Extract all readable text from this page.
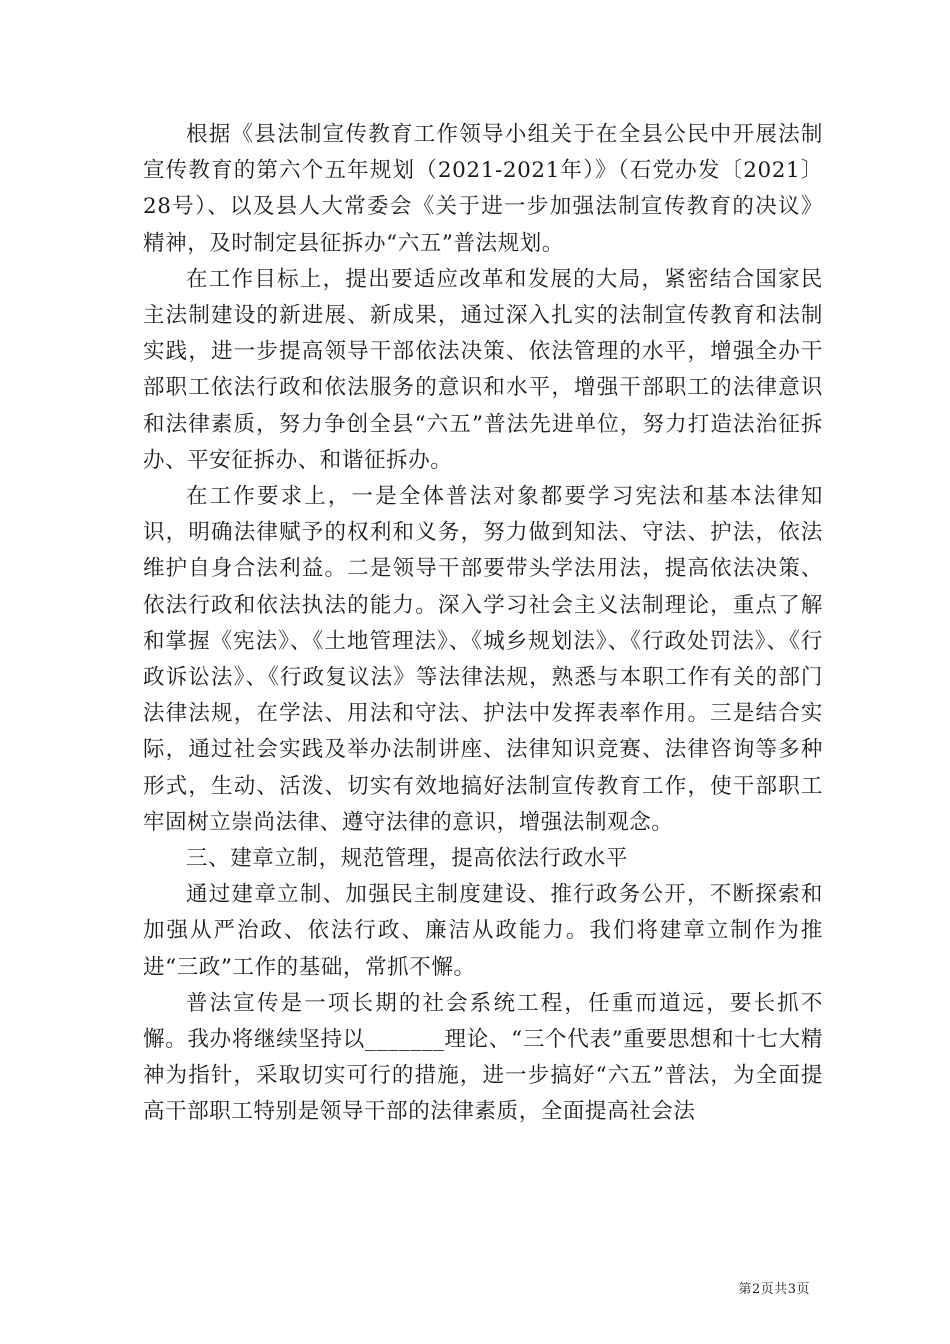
根据《县法制宣传教育工作领导小组关于在全县公民中开展法制宣传教育的第六个五年规划（2021-2021年）》（石党办发〔2021〕28号）、以及县人大常委会《关于进一步加强法制宣传教育的决议》精神，及时制定县征拆办“六五”普法规划。

在工作目标上，提出要适应改革和发展的大局，紧密结合国家民主法制建设的新进展、新成果，通过深入扎实的法制宣传教育和法制实践，进一步提高领导干部依法决策、依法管理的水平，增强全办干部职工依法行政和依法服务的意识和水平，增强干部职工的法律意识和法律素质，努力争创全县“六五”普法先进单位，努力打造法治征拆办、平安征拆办、和谐征拆办。

在工作要求上，一是全体普法对象都要学习宪法和基本法律知识，明确法律赋予的权利和义务，努力做到知法、守法、护法，依法维护自身合法利益。二是领导干部要带头学法用法，提高依法决策、依法行政和依法执法的能力。深入学习社会主义法制理论，重点了解和掌握《宪法》、《土地管理法》、《城乡规划法》、《行政处罚法》、《行政诉讼法》、《行政复议法》等法律法规，熟悉与本职工作有关的部门法律法规，在学法、用法和守法、护法中发挥表率作用。三是结合实际，通过社会实践及举办法制讲座、法律知识竞赛、法律咨询等多种形式，生动、活泼、切实有效地搞好法制宣传教育工作，使干部职工牢固树立崇尚法律、遵守法律的意识，增强法制观念。

三、建章立制，规范管理，提高依法行政水平

通过建章立制、加强民主制度建设、推行政务公开，不断探索和加强从严治政、依法行政、廉洁从政能力。我们将建章立制作为推进“三政”工作的基础，常抓不懈。

普法宣传是一项长期的社会系统工程，任重而道远，要长抓不懈。我办将继续坚持以_______理论、“三个代表”重要思想和十七大精神为指针，采取切实可行的措施，进一步搞好“六五”普法，为全面提高干部职工特别是领导干部的法律素质，全面提高社会法

第2页共3页
